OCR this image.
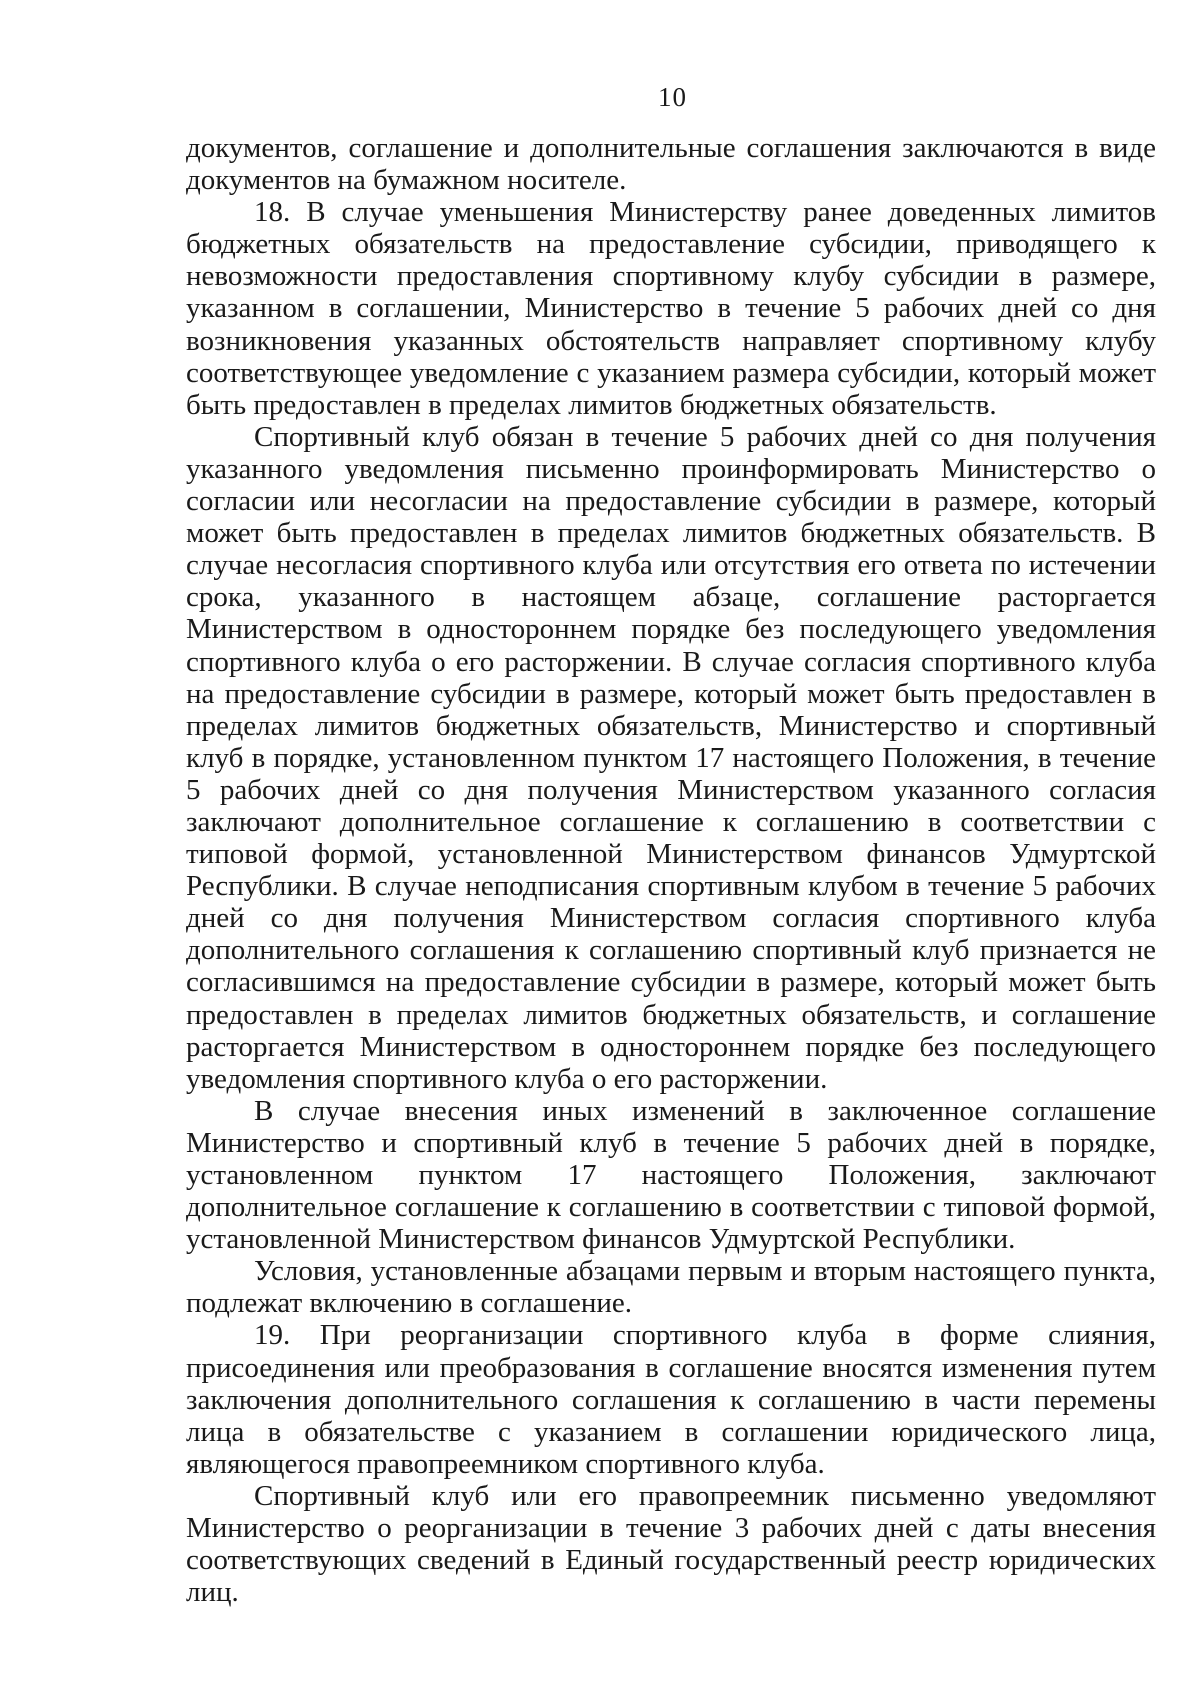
10

документов, соглашение и дополнительные соглашения заключаются в виде документов на бумажном носителе.

18. В случае уменьшения Министерству ранее доведенных лимитов бюджетных обязательств на предоставление субсидии, приводящего к невозможности предоставления спортивному клубу субсидии в размере, указанном в соглашении, Министерство в течение 5 рабочих дней со дня возникновения указанных обстоятельств направляет спортивному клубу соответствующее уведомление с указанием размера субсидии, который может быть предоставлен в пределах лимитов бюджетных обязательств.

Спортивный клуб обязан в течение 5 рабочих дней со дня получения указанного уведомления письменно проинформировать Министерство о согласии или несогласии на предоставление субсидии в размере, который может быть предоставлен в пределах лимитов бюджетных обязательств. В случае несогласия спортивного клуба или отсутствия его ответа по истечении срока, указанного в настоящем абзаце, соглашение расторгается Министерством в одностороннем порядке без последующего уведомления спортивного клуба о его расторжении. В случае согласия спортивного клуба на предоставление субсидии в размере, который может быть предоставлен в пределах лимитов бюджетных обязательств, Министерство и спортивный клуб в порядке, установленном пунктом 17 настоящего Положения, в течение 5 рабочих дней со дня получения Министерством указанного согласия заключают дополнительное соглашение к соглашению в соответствии с типовой формой, установленной Министерством финансов Удмуртской Республики. В случае неподписания спортивным клубом в течение 5 рабочих дней со дня получения Министерством согласия спортивного клуба дополнительного соглашения к соглашению спортивный клуб признается не согласившимся на предоставление субсидии в размере, который может быть предоставлен в пределах лимитов бюджетных обязательств, и соглашение расторгается Министерством в одностороннем порядке без последующего уведомления спортивного клуба о его расторжении.

В случае внесения иных изменений в заключенное соглашение Министерство и спортивный клуб в течение 5 рабочих дней в порядке, установленном пунктом 17 настоящего Положения, заключают дополнительное соглашение к соглашению в соответствии с типовой формой, установленной Министерством финансов Удмуртской Республики.

Условия, установленные абзацами первым и вторым настоящего пункта, подлежат включению в соглашение.

19. При реорганизации спортивного клуба в форме слияния, присоединения или преобразования в соглашение вносятся изменения путем заключения дополнительного соглашения к соглашению в части перемены лица в обязательстве с указанием в соглашении юридического лица, являющегося правопреемником спортивного клуба.

Спортивный клуб или его правопреемник письменно уведомляют Министерство о реорганизации в течение 3 рабочих дней с даты внесения соответствующих сведений в Единый государственный реестр юридических лиц.
